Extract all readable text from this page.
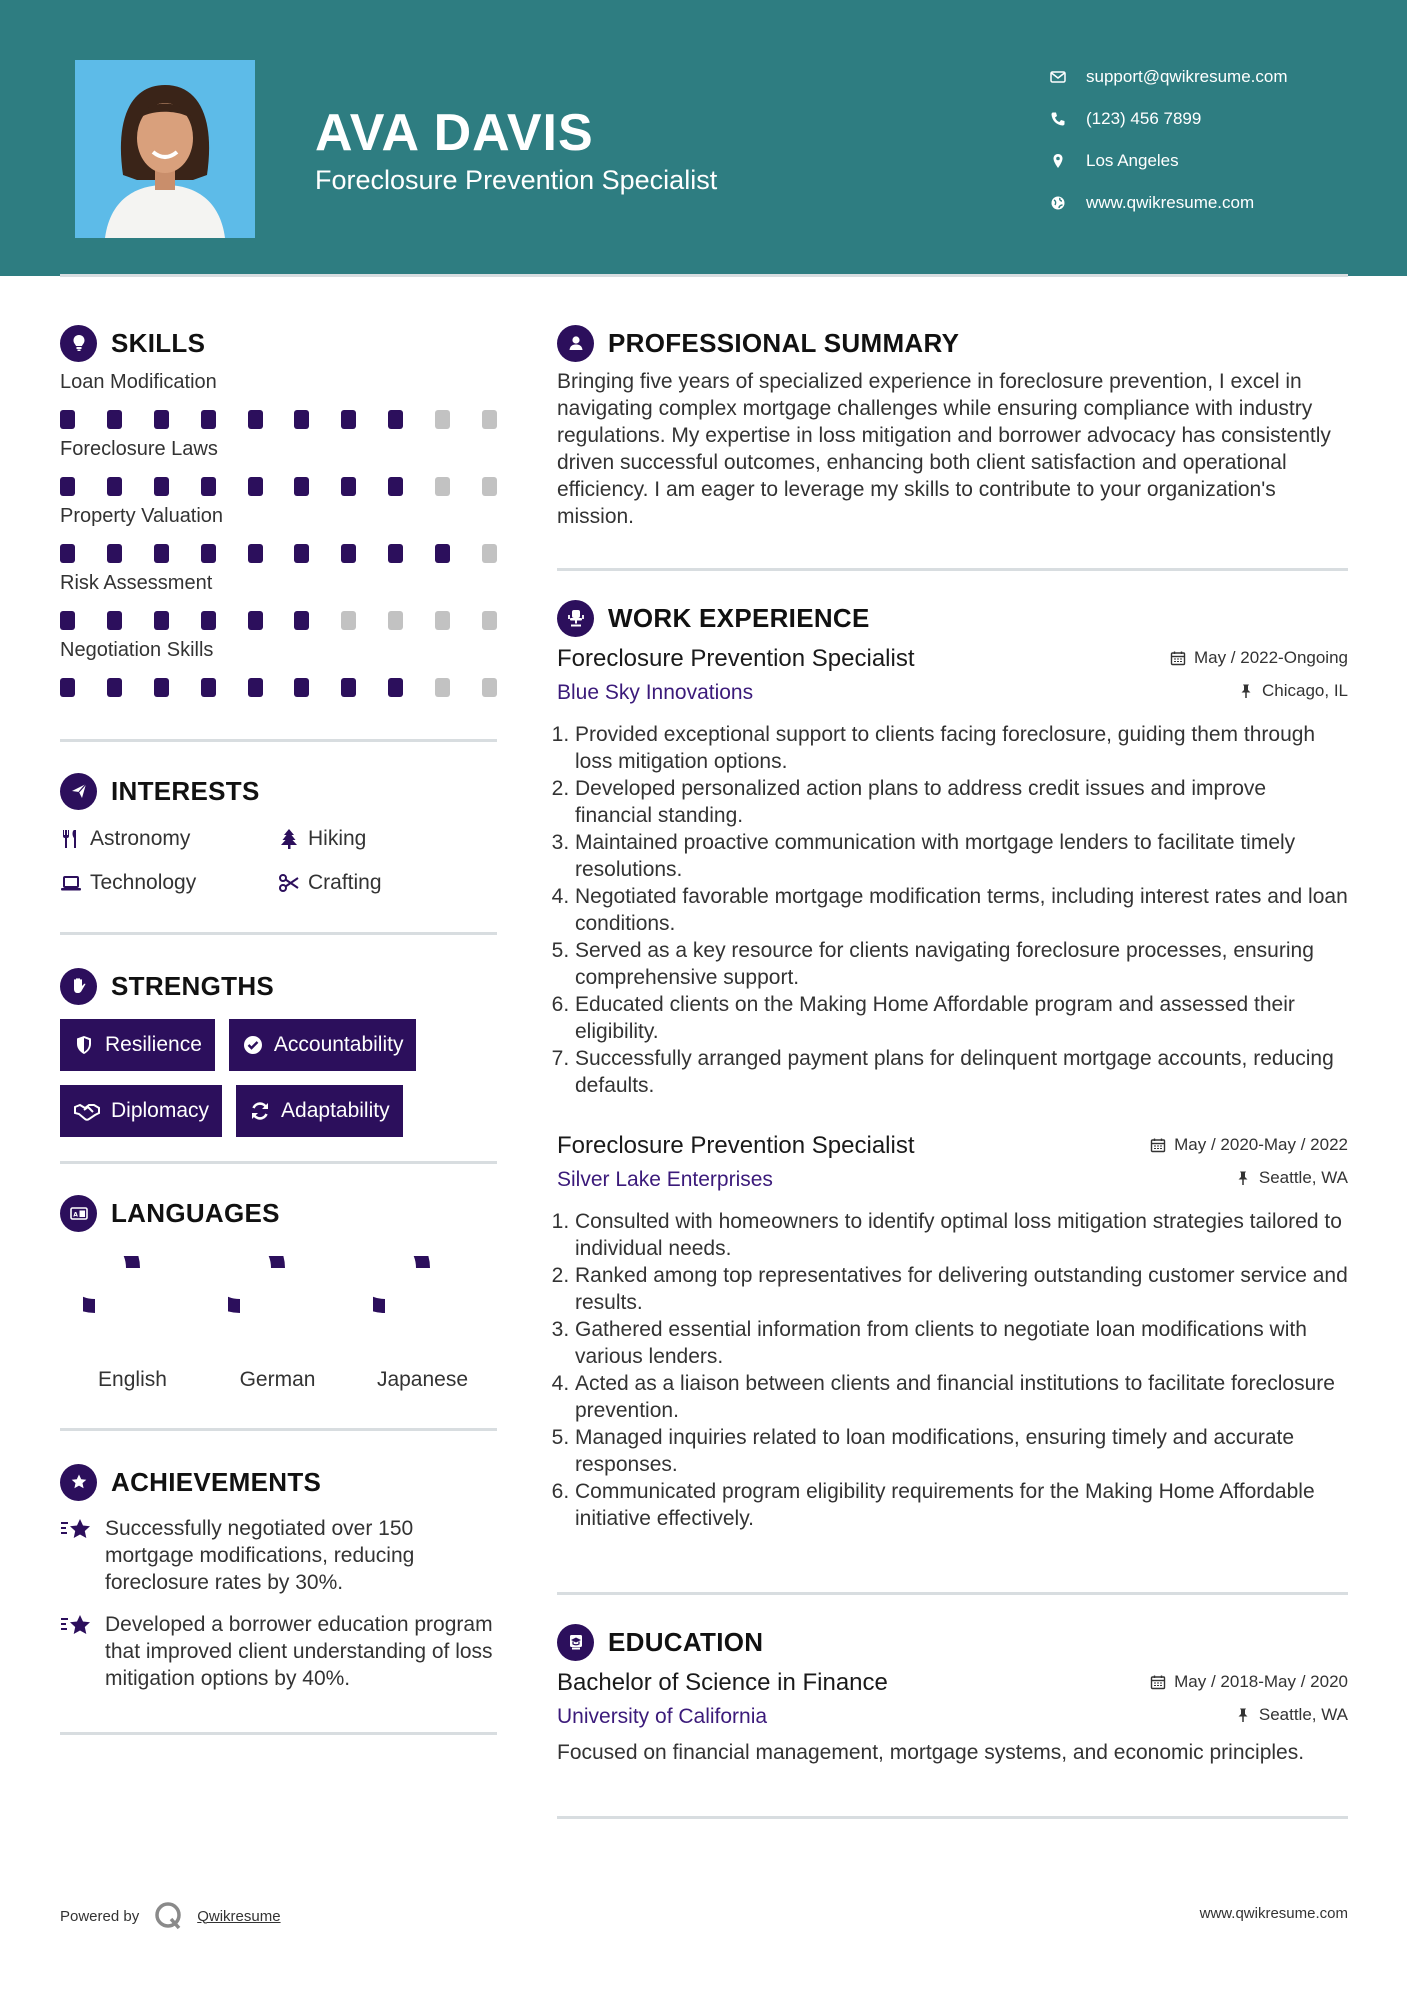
AVA DAVIS
Foreclosure Prevention Specialist
support@qwikresume.com
(123) 456 7899
Los Angeles
www.qwikresume.com
SKILLS
Loan Modification
Foreclosure Laws
Property Valuation
Risk Assessment
Negotiation Skills
INTERESTS
Astronomy	Hiking
Technology	Crafting
STRENGTHS
Resilience	Accountability
Diplomacy	Adaptability
A LANGUAGES
English	German	Japanese
ACHIEVEMENTS
Successfully negotiated over 150 mortgage modifications, reducing foreclosure rates by 30%.
Developed a borrower education program that improved client understanding of loss mitigation options by 40%.
PROFESSIONAL SUMMARY

Bringing five years of specialized experience in foreclosure prevention, I excel in navigating complex mortgage challenges while ensuring compliance with industry regulations. My expertise in loss mitigation and borrower advocacy has consistently driven successful outcomes, enhancing both client satisfaction and operational efficiency. I am eager to leverage my skills to contribute to your organization's mission.

WORK EXPERIENCE
Foreclosure Prevention Specialist	May / 2022-Ongoing
Blue Sky Innovations	Chicago, IL
1. Provided exceptional support to clients facing foreclosure, guiding them through loss mitigation options.
2. Developed personalized action plans to address credit issues and improve financial standing.
3. Maintained proactive communication with mortgage lenders to facilitate timely resolutions.
4. Negotiated favorable mortgage modification terms, including interest rates and loan conditions.
5. Served as a key resource for clients navigating foreclosure processes, ensuring comprehensive support.
6. Educated clients on the Making Home Affordable program and assessed their eligibility.
7. Successfully arranged payment plans for delinquent mortgage accounts, reducing defaults.
Foreclosure Prevention Specialist	May / 2020-May / 2022
Silver Lake Enterprises	Seattle, WA
1. Consulted with homeowners to identify optimal loss mitigation strategies tailored to individual needs.
2. Ranked among top representatives for delivering outstanding customer service and results.
3. Gathered essential information from clients to negotiate loan modifications with various lenders.
4. Acted as a liaison between clients and financial institutions to facilitate foreclosure prevention.
5. Managed inquiries related to loan modifications, ensuring timely and accurate responses.
6. Communicated program eligibility requirements for the Making Home Affordable initiative effectively.
EDUCATION
Bachelor of Science in Finance	May / 2018-May / 2020
University of California	Seattle, WA

Focused on financial management, mortgage systems, and economic principles.

Powered by	Qwikresume	www.qwikresume.com
